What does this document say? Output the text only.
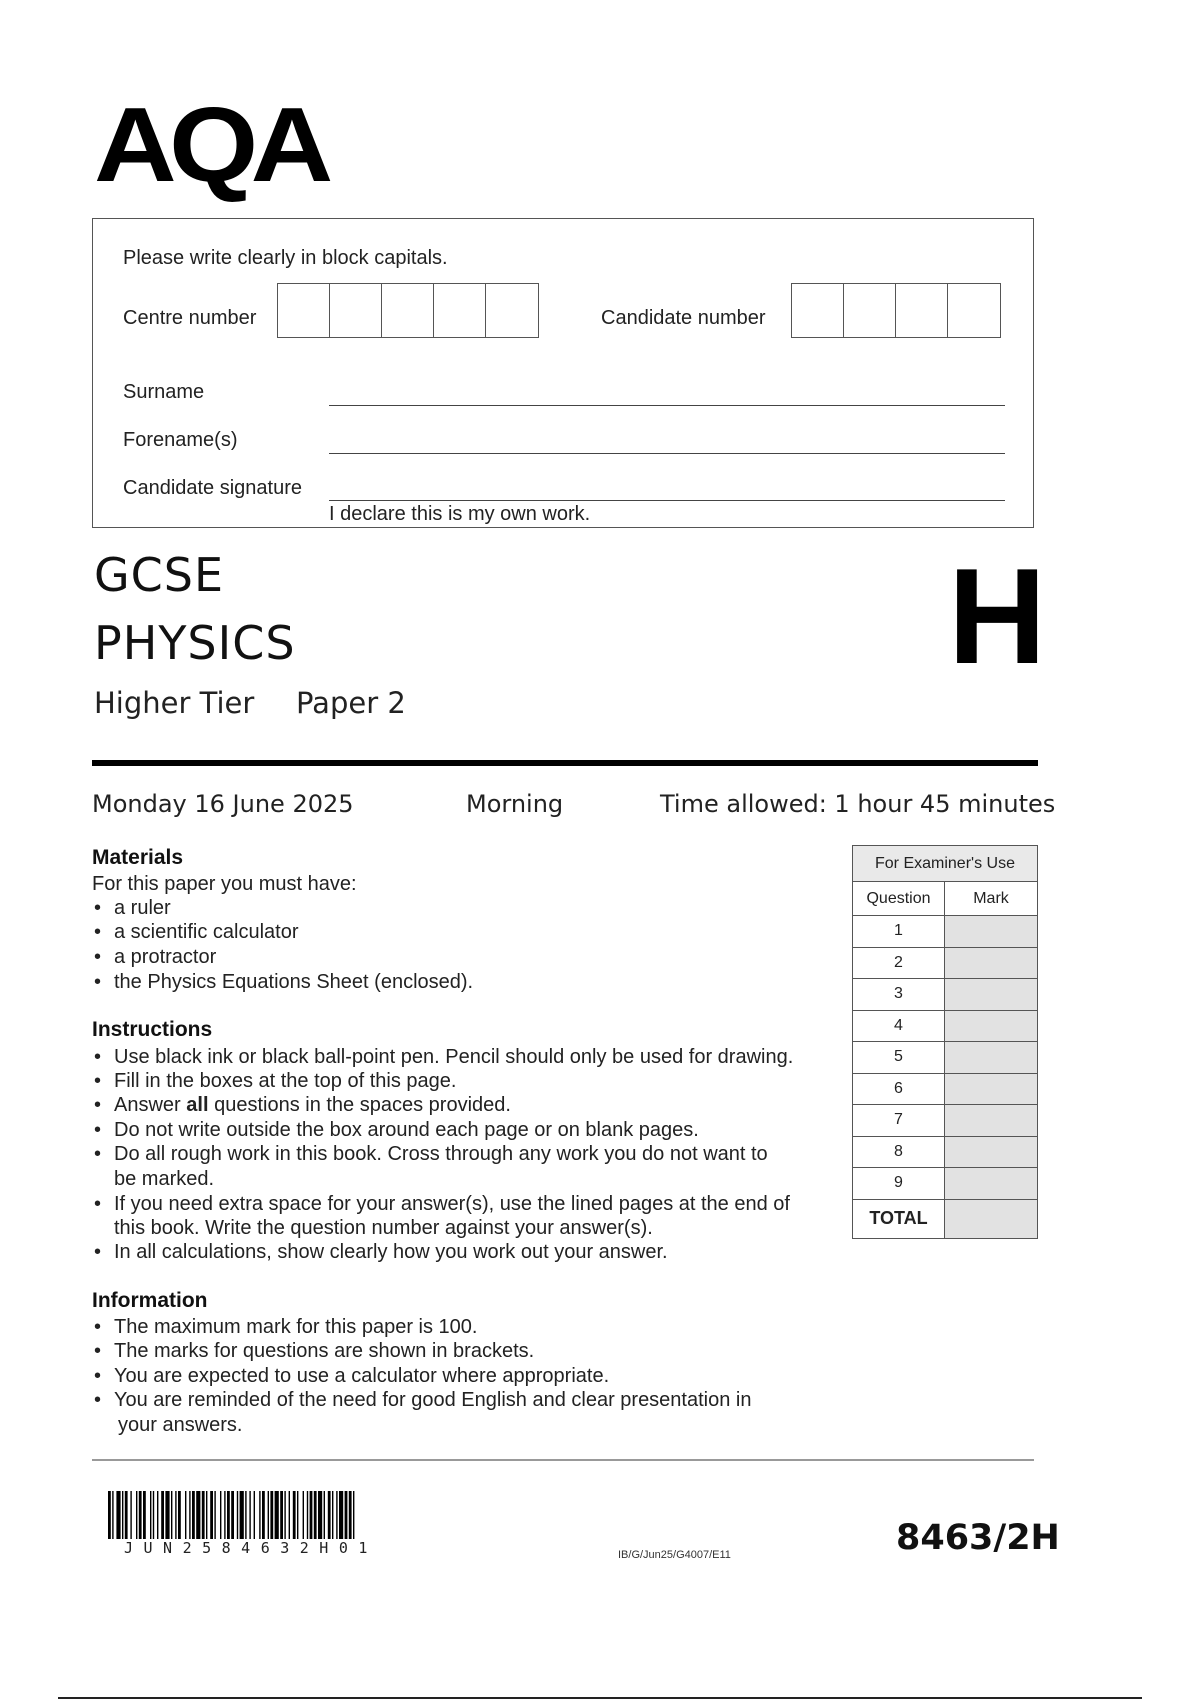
AQA
Please write clearly in block capitals.
Centre number	Candidate number
Surname
Forename(s)
Candidate signature
I declare this is my own work.
GCSE
PHYSICS
Higher Tier Paper 2
H
Monday 16 June 2025	Morning	Time allowed: 1 hour 45 minutes
Materials
For this paper you must have:
• a ruler
• a scientific calculator
• a protractor
• the Physics Equations Sheet (enclosed).
Instructions
• Use black ink or black ball-point pen. Pencil should only be used for drawing.
• Fill in the boxes at the top of this page.
• Answer all questions in the spaces provided.
• Do not write outside the box around each page or on blank pages.
• Do all rough work in this book. Cross through any work you do not want to
be marked.
• If you need extra space for your answer(s), use the lined pages at the end of
this book. Write the question number against your answer(s).
• In all calculations, show clearly how you work out your answer.
Information
• The maximum mark for this paper is 100.
• The marks for questions are shown in brackets.
• You are expected to use a calculator where appropriate.
• You are reminded of the need for good English and clear presentation in
your answers.
For Examiner's Use	
Question	Mark
1	
2	
3	
4	
5	
6	
7	
8	
9	
TOTAL	
JUN2584632H01	IB/G/Jun25/G4007/E11	8463/2H
